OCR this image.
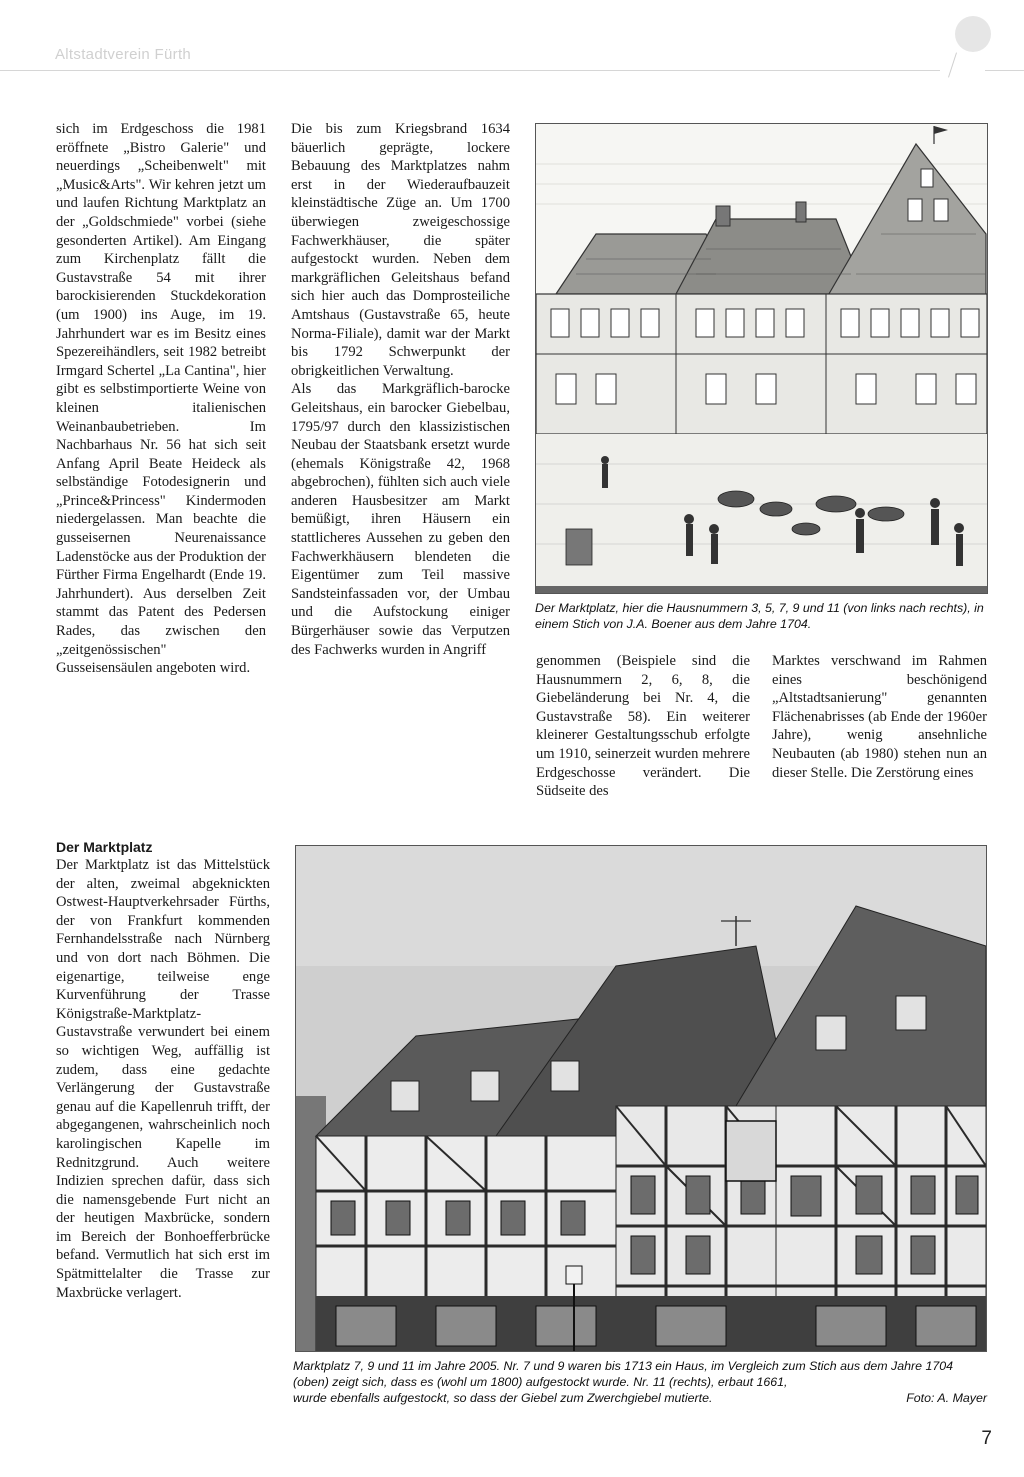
Altstadtverein Fürth

sich im Erdgeschoss die 1981 eröffnete „Bistro Galerie" und neuerdings „Scheibenwelt" mit „Music&Arts". Wir kehren jetzt um und laufen Richtung Marktplatz an der „Goldschmiede" vorbei (siehe gesonderten Artikel). Am Eingang zum Kirchenplatz fällt die Gustavstraße 54 mit ihrer barockisierenden Stuckdekoration (um 1900) ins Auge, im 19. Jahrhundert war es im Besitz eines Spezereihändlers, seit 1982 betreibt Irmgard Schertel „La Cantina", hier gibt es selbstimportierte Weine von kleinen italienischen Weinanbaubetrieben. Im Nachbarhaus Nr. 56 hat sich seit Anfang April Beate Heideck als selbständige Fotodesignerin und „Prince&Princess" Kindermoden niedergelassen. Man beachte die gusseisernen Neurenaissance Ladenstöcke aus der Produktion der Fürther Firma Engelhardt (Ende 19. Jahrhundert). Aus derselben Zeit stammt das Patent des Pedersen Rades, das zwischen den „zeitgenössischen" Gusseisensäulen angeboten wird.

Die bis zum Kriegsbrand 1634 bäuerlich geprägte, lockere Bebauung des Marktplatzes nahm erst in der Wiederaufbauzeit kleinstädtische Züge an. Um 1700 überwiegen zweigeschossige Fachwerkhäuser, die später aufgestockt wurden. Neben dem markgräflichen Geleitshaus befand sich hier auch das Domprosteiliche Amtshaus (Gustavstraße 65, heute Norma-Filiale), damit war der Markt bis 1792 Schwerpunkt der obrigkeitlichen Verwaltung.

Als das Markgräflich-barocke Geleitshaus, ein barocker Giebelbau, 1795/97 durch den klassizistischen Neubau der Staatsbank ersetzt wurde (ehemals Königstraße 42, 1968 abgebrochen), fühlten sich auch viele anderen Hausbesitzer am Markt bemüßigt, ihren Häusern ein stattlicheres Aussehen zu geben den Fachwerkhäusern blendeten die Eigentümer zum Teil massive Sandsteinfassaden vor, der Umbau und die Aufstockung einiger Bürgerhäuser sowie das Verputzen des Fachwerks wurden in Angriff

Der Marktplatz, hier die Hausnummern 3, 5, 7, 9 und 11 (von links nach rechts), in einem Stich von J.A. Boener aus dem Jahre 1704.

genommen (Beispiele sind die Hausnummern 2, 6, 8, die Giebeländerung bei Nr. 4, die Gustavstraße 58). Ein weiterer kleinerer Gestaltungsschub erfolgte um 1910, seinerzeit wurden mehrere Erdgeschosse verändert. Die Südseite des

Marktes verschwand im Rahmen eines beschönigend „Altstadtsanierung" genannten Flächenabrisses (ab Ende der 1960er Jahre), wenig ansehnliche Neubauten (ab 1980) stehen nun an dieser Stelle. Die Zerstörung eines

Der Marktplatz

Der Marktplatz ist das Mittelstück der alten, zweimal abgeknickten Ostwest-Hauptverkehrsader Fürths, der von Frankfurt kommenden Fernhandelsstraße nach Nürnberg und von dort nach Böhmen. Die eigenartige, teilweise enge Kurvenführung der Trasse Königstraße-Marktplatz-Gustavstraße verwundert bei einem so wichtigen Weg, auffällig ist zudem, dass eine gedachte Verlängerung der Gustavstraße genau auf die Kapellenruh trifft, der abgegangenen, wahrscheinlich noch karolingischen Kapelle im Rednitzgrund. Auch weitere Indizien sprechen dafür, dass sich die namensgebende Furt nicht an der heutigen Maxbrücke, sondern im Bereich der Bonhoefferbrücke befand. Vermutlich hat sich erst im Spätmittelalter die Trasse zur Maxbrücke verlagert.

Marktplatz 7, 9 und 11 im Jahre 2005. Nr. 7 und 9 waren bis 1713 ein Haus, im Vergleich zum Stich aus dem Jahre 1704 (oben) zeigt sich, dass es (wohl um 1800) aufgestockt wurde. Nr. 11 (rechts), erbaut 1661,
wurde ebenfalls aufgestockt, so dass der Giebel zum Zwerchgiebel mutierte.	Foto: A. Mayer
7
